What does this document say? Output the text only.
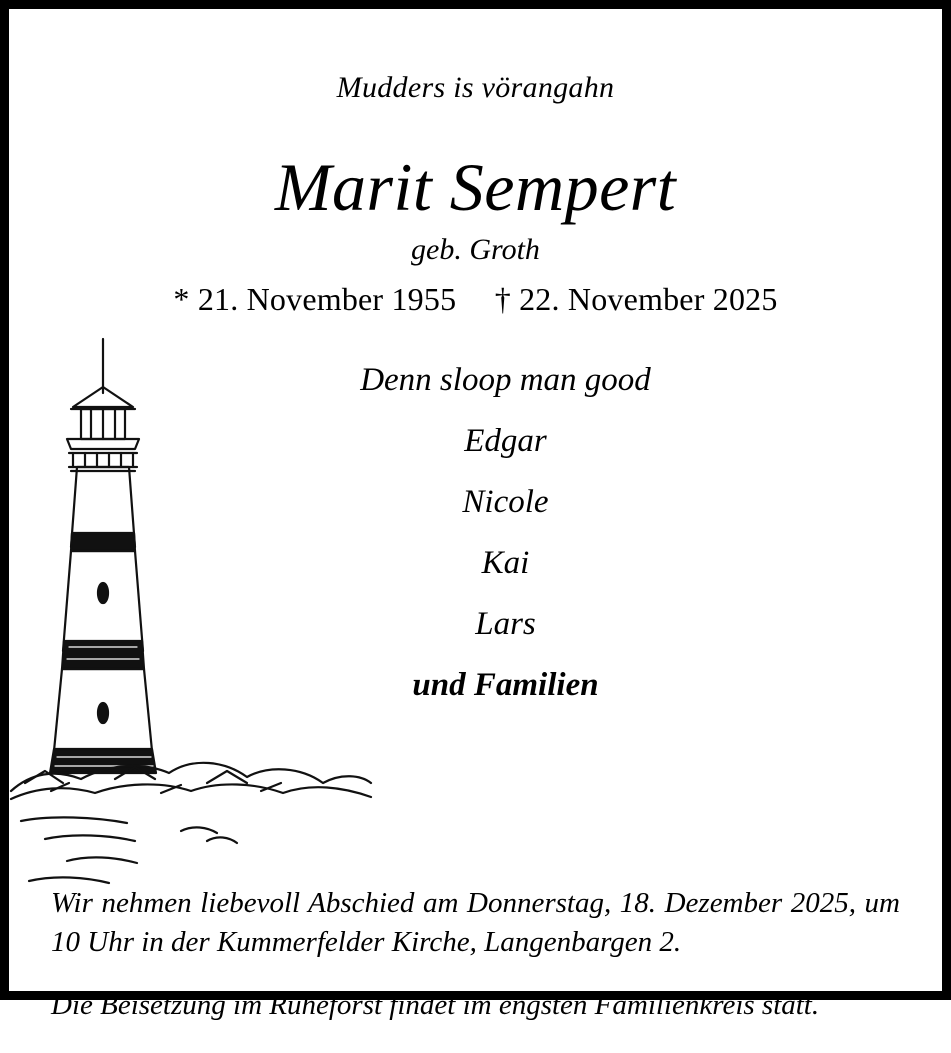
Mudders is vörangahn
Marit Sempert
geb. Groth
* 21. November 1955 † 22. November 2025
Denn sloop man good
Edgar
Nicole
Kai
Lars
und Familien

Wir nehmen liebevoll Abschied am Donnerstag, 18. Dezember 2025, um 10 Uhr in der Kummerfelder Kirche, Langenbargen 2.

Die Beisetzung im Ruheforst findet im engsten Familienkreis statt.
